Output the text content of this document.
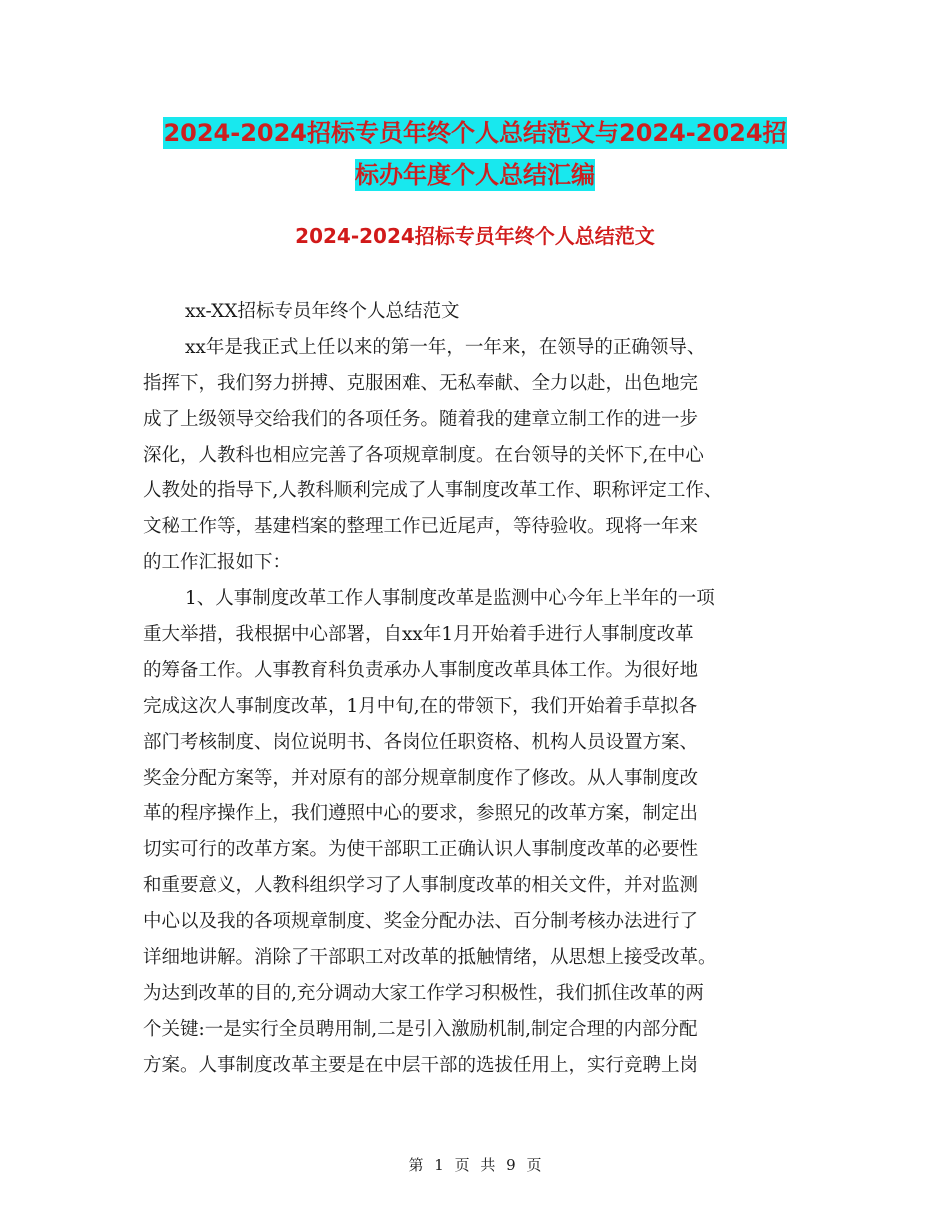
2024-2024招标专员年终个人总结范文与2024-2024招
标办年度个人总结汇编
2024-2024招标专员年终个人总结范文
xx-XX招标专员年终个人总结范文
xx年是我正式上任以来的第一年，一年来，在领导的正确领导、
指挥下，我们努力拼搏、克服困难、无私奉献、全力以赴，出色地完
成了上级领导交给我们的各项任务。随着我的建章立制工作的进一步
深化，人教科也相应完善了各项规章制度。在台领导的关怀下,在中心
人教处的指导下,人教科顺利完成了人事制度改革工作、职称评定工作、
文秘工作等，基建档案的整理工作已近尾声，等待验收。现将一年来
的工作汇报如下：
1、人事制度改革工作人事制度改革是监测中心今年上半年的一项
重大举措，我根据中心部署，自xx年1月开始着手进行人事制度改革
的筹备工作。人事教育科负责承办人事制度改革具体工作。为很好地
完成这次人事制度改革，1月中旬,在的带领下，我们开始着手草拟各
部门考核制度、岗位说明书、各岗位任职资格、机构人员设置方案、
奖金分配方案等，并对原有的部分规章制度作了修改。从人事制度改
革的程序操作上，我们遵照中心的要求，参照兄的改革方案，制定出
切实可行的改革方案。为使干部职工正确认识人事制度改革的必要性
和重要意义，人教科组织学习了人事制度改革的相关文件，并对监测
中心以及我的各项规章制度、奖金分配办法、百分制考核办法进行了
详细地讲解。消除了干部职工对改革的抵触情绪，从思想上接受改革。
为达到改革的目的,充分调动大家工作学习积极性，我们抓住改革的两
个关键:一是实行全员聘用制,二是引入激励机制,制定合理的内部分配
方案。人事制度改革主要是在中层干部的选拔任用上，实行竞聘上岗
第 1 页 共 9 页
